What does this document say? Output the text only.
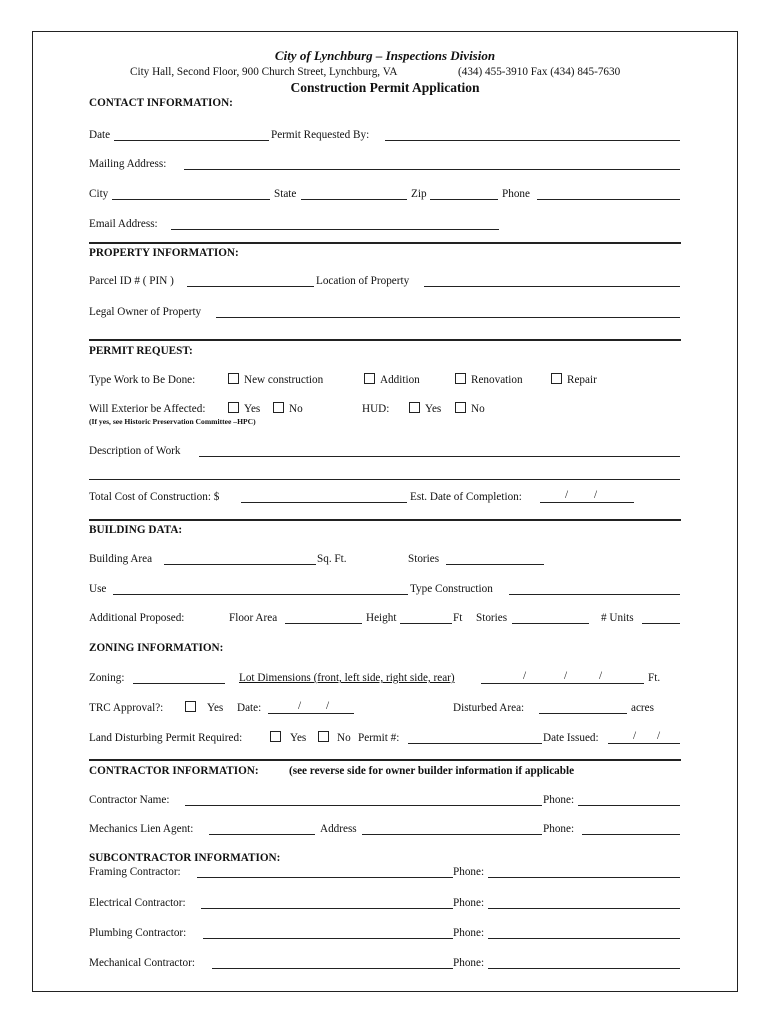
City of Lynchburg – Inspections Division
City Hall, Second Floor, 900 Church Street, Lynchburg, VA	(434) 455-3910 Fax (434) 845-7630
Construction Permit Application
CONTACT INFORMATION:
Date	Permit Requested By:
Mailing Address:
City	State	Zip	Phone
Email Address:
PROPERTY INFORMATION:
Parcel ID # ( PIN )	Location of Property
Legal Owner of Property
PERMIT REQUEST:
Type Work to Be Done:	New construction	Addition	Renovation	Repair
Will Exterior be Affected:	Yes	No	HUD:	Yes	No
(If yes, see Historic Preservation Committee –HPC)
Description of Work
Total Cost of Construction: $	Est. Date of Completion:	/ /
BUILDING DATA:
Building Area	Sq. Ft.	Stories
Use	Type Construction
Additional Proposed:	Floor Area	Height	Ft Stories	# Units
ZONING INFORMATION:
Zoning:	Lot Dimensions (front, left side, right side, rear)	/	/	/	Ft.
TRC Approval?:	Yes Date:	/ /	Disturbed Area:	acres
Land Disturbing Permit Required:	Yes	No Permit #:	Date Issued:	/ /
CONTRACTOR INFORMATION:	(see reverse side for owner builder information if applicable
Contractor Name:	Phone:
Mechanics Lien Agent:	Address	Phone:
SUBCONTRACTOR INFORMATION:
Framing Contractor:	Phone:
Electrical Contractor:	Phone:
Plumbing Contractor:	Phone:
Mechanical Contractor:	Phone:
